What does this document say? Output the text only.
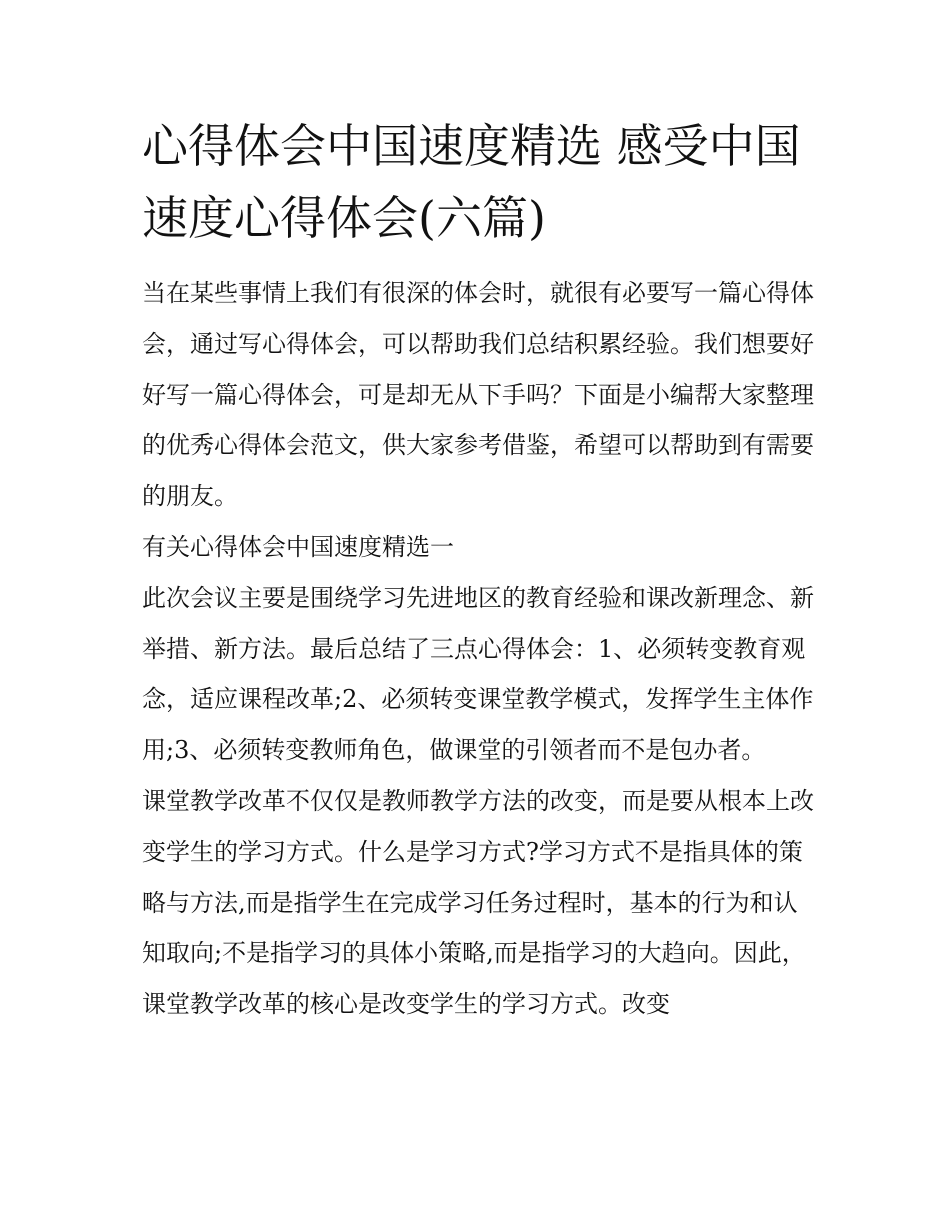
心得体会中国速度精选 感受中国速度心得体会(六篇)

当在某些事情上我们有很深的体会时，就很有必要写一篇心得体会，通过写心得体会，可以帮助我们总结积累经验。我们想要好好写一篇心得体会，可是却无从下手吗？下面是小编帮大家整理的优秀心得体会范文，供大家参考借鉴，希望可以帮助到有需要的朋友。

有关心得体会中国速度精选一

此次会议主要是围绕学习先进地区的教育经验和课改新理念、新举措、新方法。最后总结了三点心得体会：1、必须转变教育观念，适应课程改革;2、必须转变课堂教学模式，发挥学生主体作用;3、必须转变教师角色，做课堂的引领者而不是包办者。

课堂教学改革不仅仅是教师教学方法的改变，而是要从根本上改变学生的学习方式。什么是学习方式?学习方式不是指具体的策略与方法,而是指学生在完成学习任务过程时，基本的行为和认知取向;不是指学习的具体小策略,而是指学习的大趋向。因此，课堂教学改革的核心是改变学生的学习方式。改变
